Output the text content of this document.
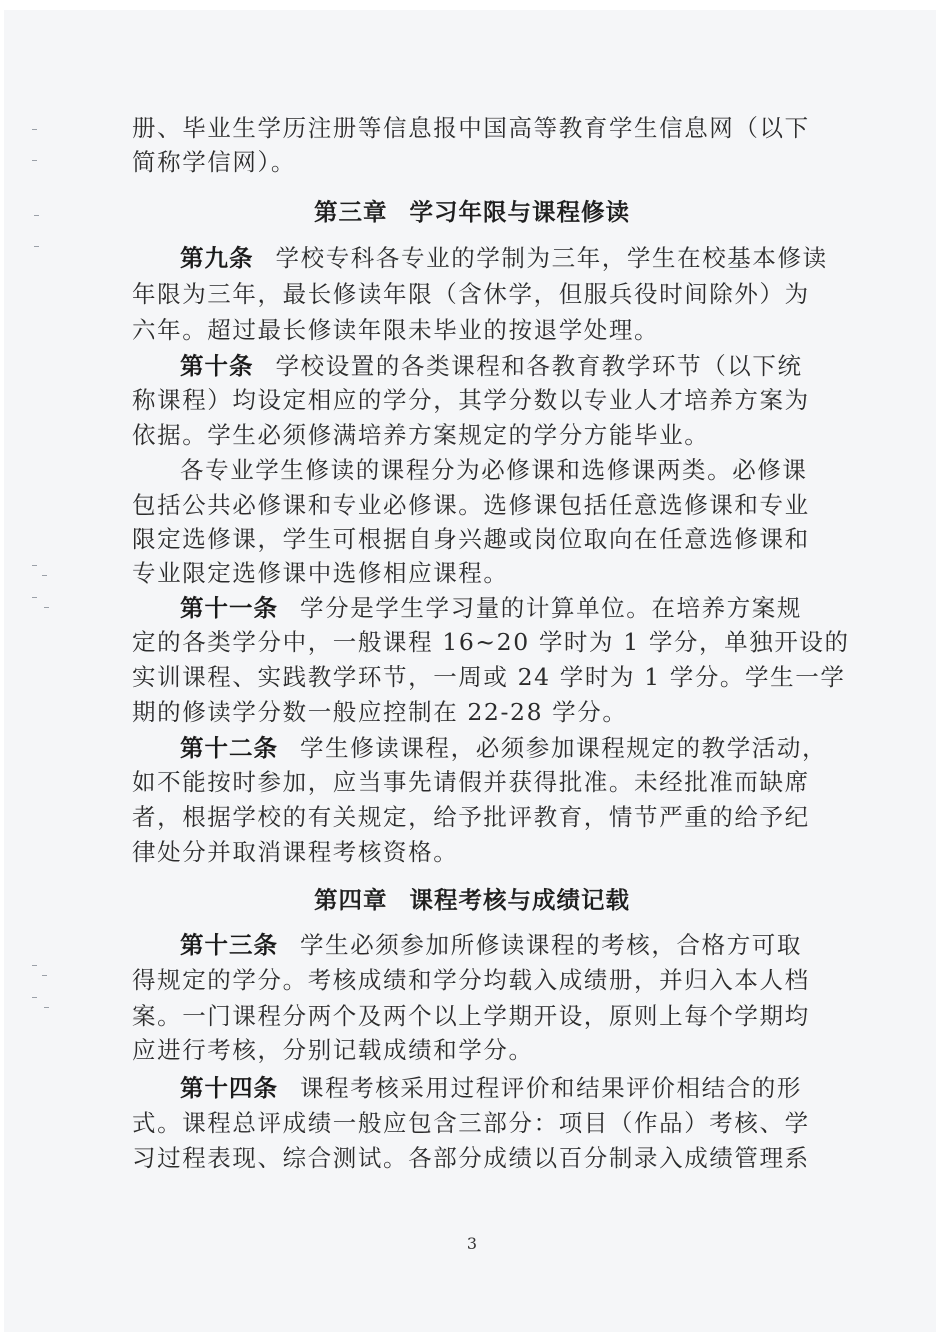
册、毕业生学历注册等信息报中国高等教育学生信息网（以下
简称学信网）。
第三章 学习年限与课程修读
第九条 学校专科各专业的学制为三年，学生在校基本修读
年限为三年，最长修读年限（含休学，但服兵役时间除外）为
六年。超过最长修读年限未毕业的按退学处理。
第十条 学校设置的各类课程和各教育教学环节（以下统
称课程）均设定相应的学分，其学分数以专业人才培养方案为
依据。学生必须修满培养方案规定的学分方能毕业。
各专业学生修读的课程分为必修课和选修课两类。必修课
包括公共必修课和专业必修课。选修课包括任意选修课和专业
限定选修课，学生可根据自身兴趣或岗位取向在任意选修课和
专业限定选修课中选修相应课程。
第十一条 学分是学生学习量的计算单位。在培养方案规
定的各类学分中，一般课程 16~20 学时为 1 学分，单独开设的
实训课程、实践教学环节，一周或 24 学时为 1 学分。学生一学
期的修读学分数一般应控制在 22-28 学分。
第十二条 学生修读课程，必须参加课程规定的教学活动，
如不能按时参加，应当事先请假并获得批准。未经批准而缺席
者，根据学校的有关规定，给予批评教育，情节严重的给予纪
律处分并取消课程考核资格。
第四章 课程考核与成绩记载
第十三条 学生必须参加所修读课程的考核，合格方可取
得规定的学分。考核成绩和学分均载入成绩册，并归入本人档
案。一门课程分两个及两个以上学期开设，原则上每个学期均
应进行考核，分别记载成绩和学分。
第十四条 课程考核采用过程评价和结果评价相结合的形
式。课程总评成绩一般应包含三部分：项目（作品）考核、学
习过程表现、综合测试。各部分成绩以百分制录入成绩管理系
3
